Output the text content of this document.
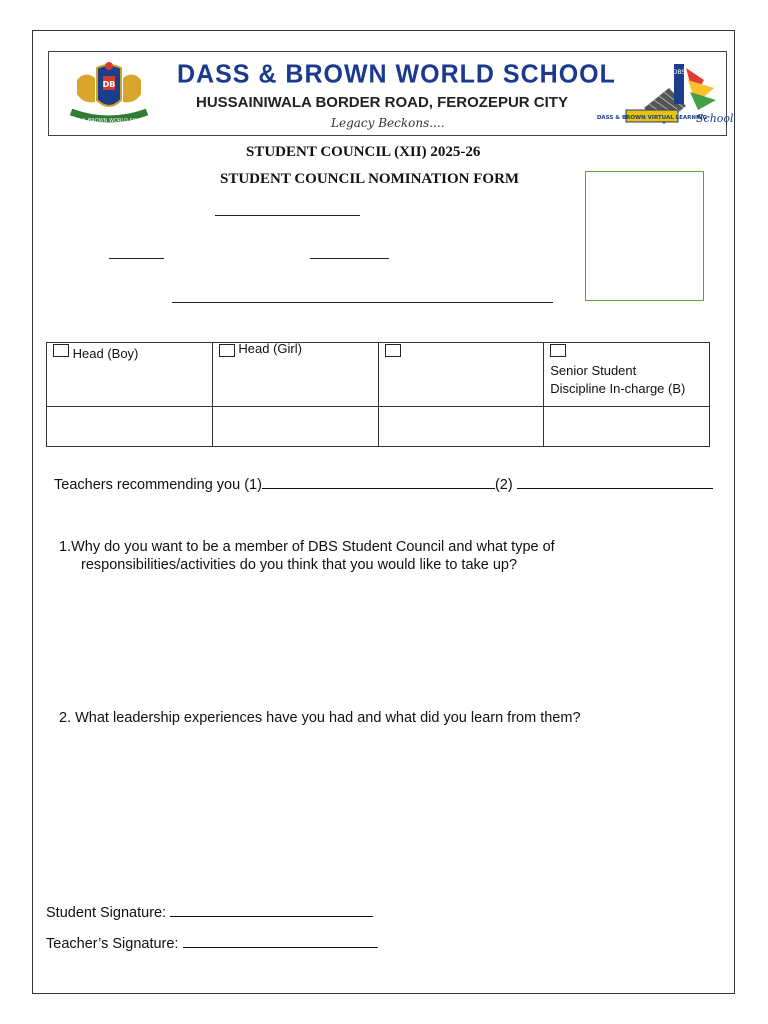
DB
DASS & BROWN WORLD SCHOOL
DASS & BROWN WORLD SCHOOL
HUSSAINIWALA BORDER ROAD, FEROZEPUR CITY
Legacy Beckons....
DBS
DASS & BROWN VIRTUAL LEARNING
School
STUDENT COUNCIL (XII) 2025-26
STUDENT COUNCIL NOMINATION FORM
Head (Boy)	Head (Girl)		Senior Student
Discipline In-charge (B)

Teachers recommending you (1)	(2)
1.Why do you want to be a member of DBS Student Council and what type of
responsibilities/activities do you think that you would like to take up?
2. What leadership experiences have you had and what did you learn from them?
Student Signature:
Teacher’s Signature:
